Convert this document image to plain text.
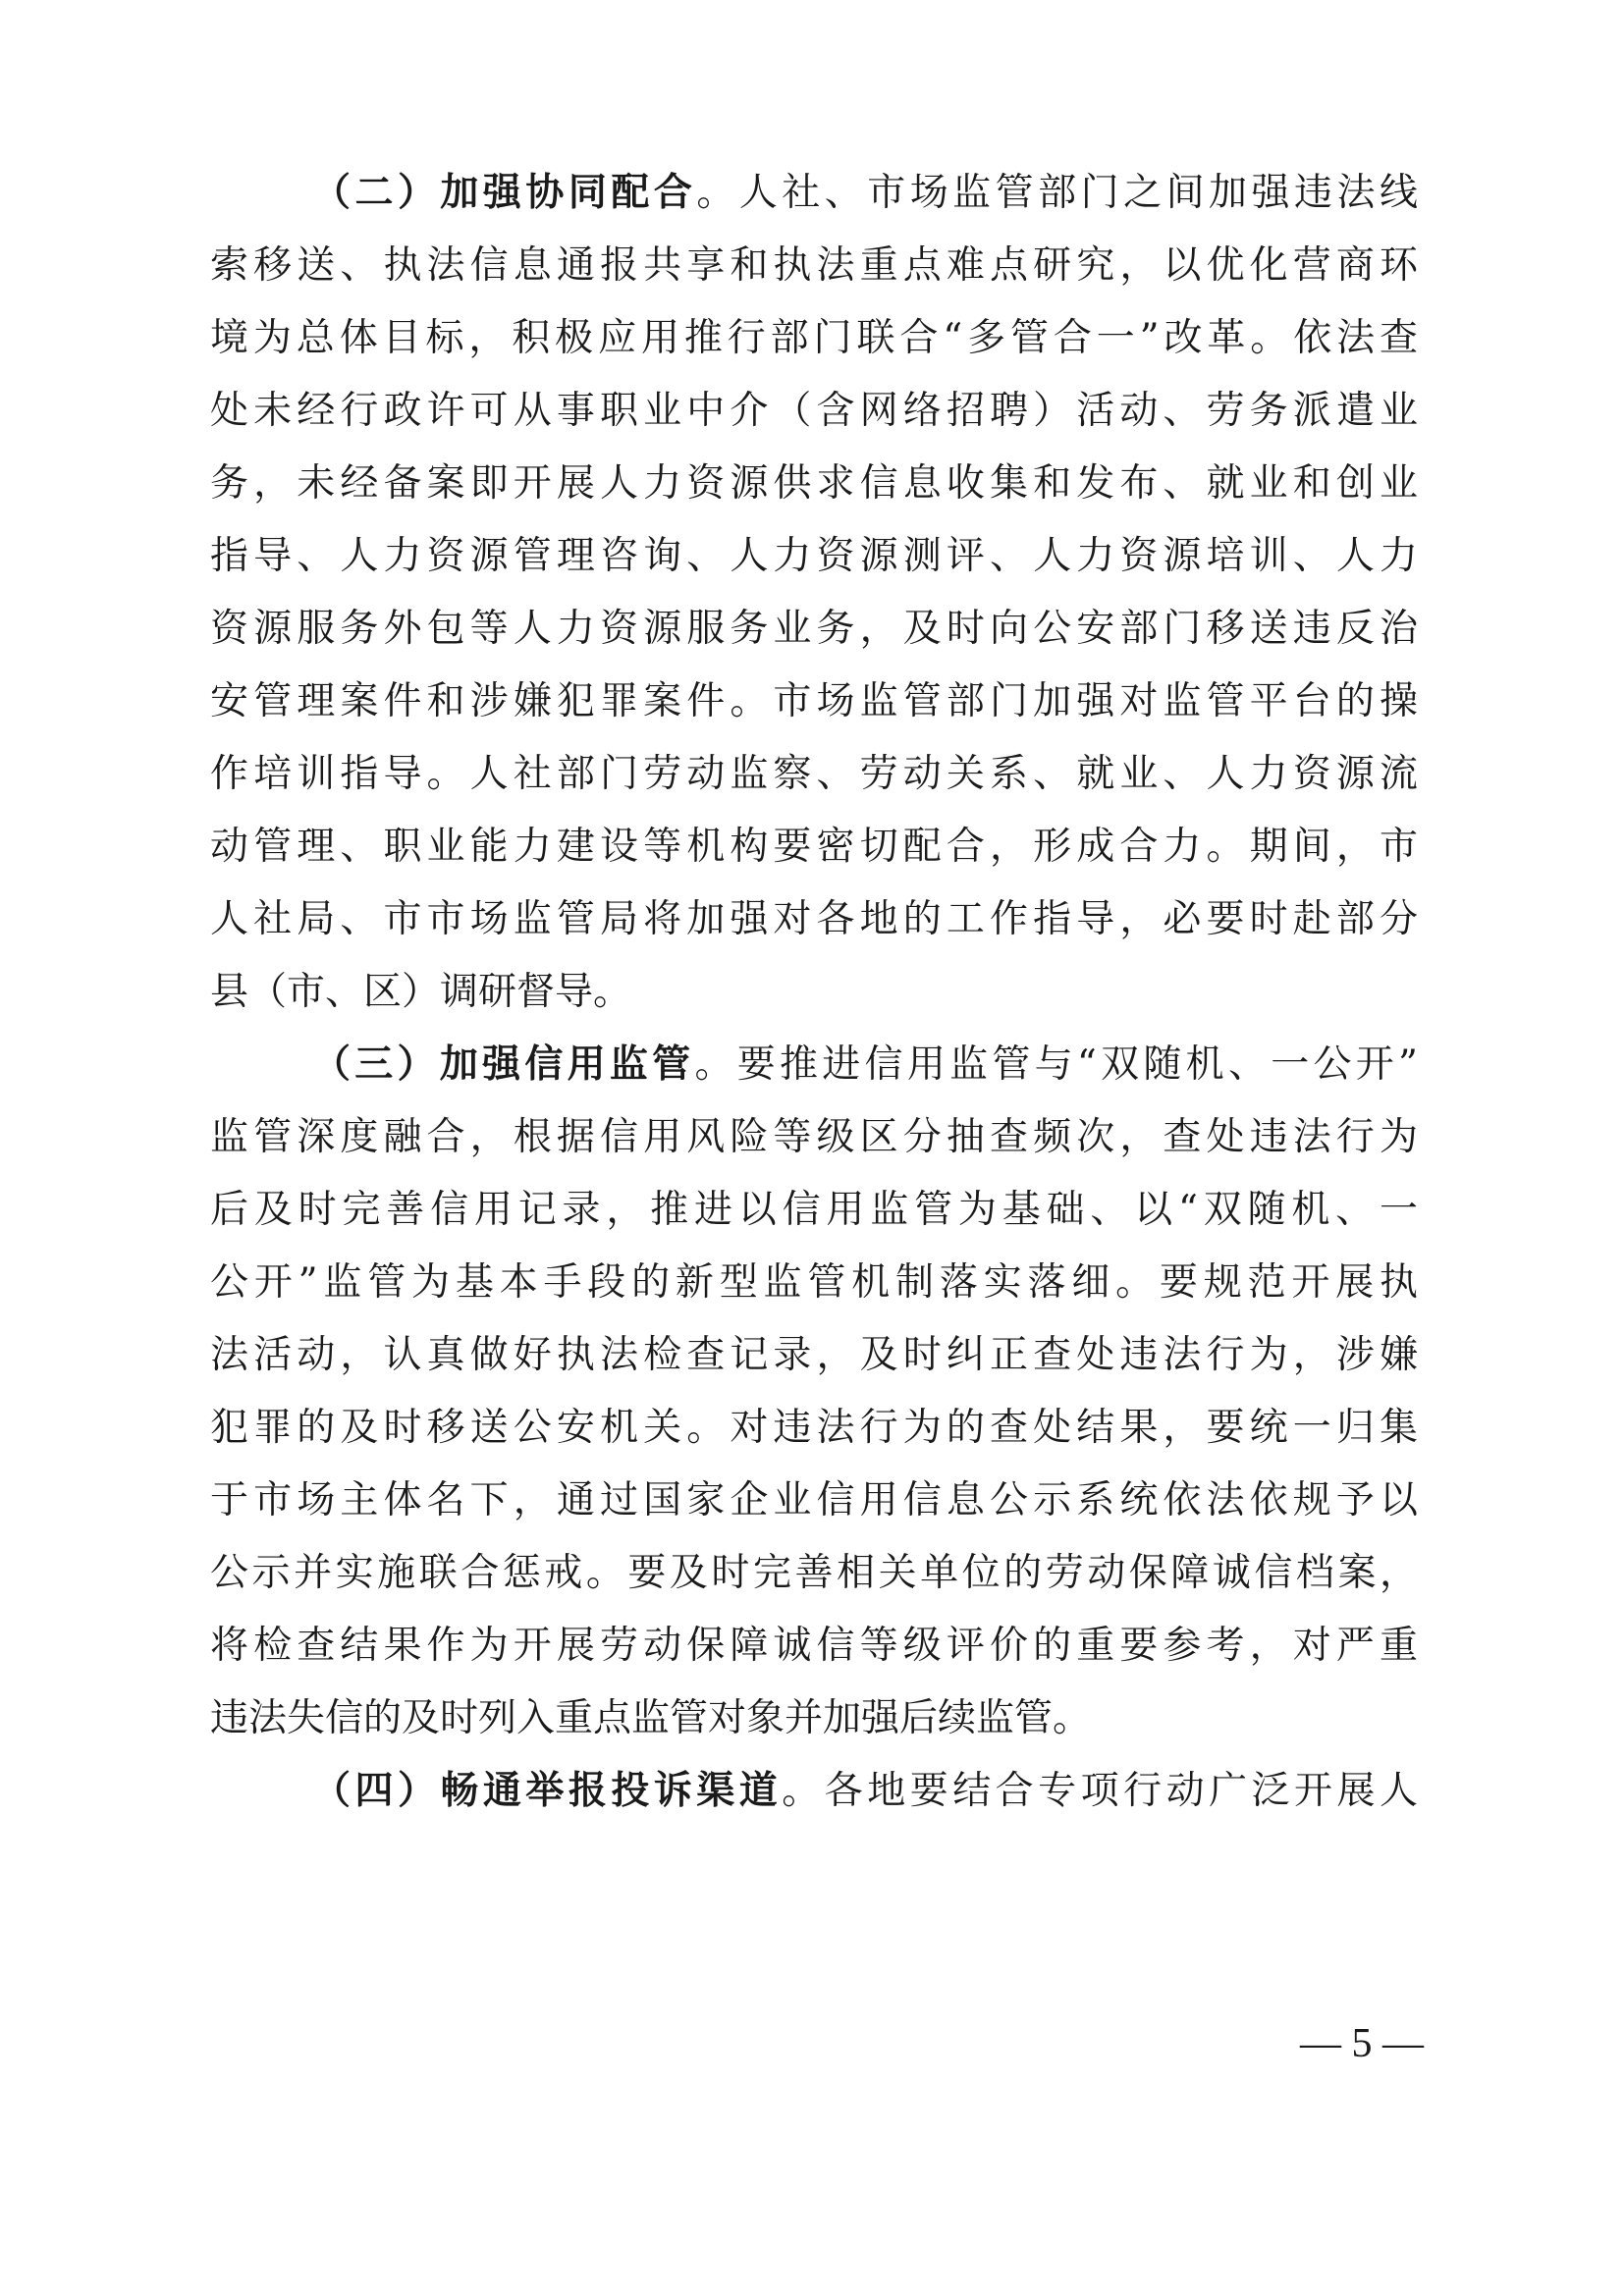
（二）加强协同配合。人社、市场监管部门之间加强违法线
索移送、执法信息通报共享和执法重点难点研究，以优化营商环
境为总体目标，积极应用推行部门联合“多管合一”改革。依法查
处未经行政许可从事职业中介（含网络招聘）活动、劳务派遣业
务，未经备案即开展人力资源供求信息收集和发布、就业和创业
指导、人力资源管理咨询、人力资源测评、人力资源培训、人力
资源服务外包等人力资源服务业务，及时向公安部门移送违反治
安管理案件和涉嫌犯罪案件。市场监管部门加强对监管平台的操
作培训指导。人社部门劳动监察、劳动关系、就业、人力资源流
动管理、职业能力建设等机构要密切配合，形成合力。期间，市
人社局、市市场监管局将加强对各地的工作指导，必要时赴部分
县（市、区）调研督导。
（三）加强信用监管。要推进信用监管与“双随机、一公开”
监管深度融合，根据信用风险等级区分抽查频次，查处违法行为
后及时完善信用记录，推进以信用监管为基础、以“双随机、一
公开”监管为基本手段的新型监管机制落实落细。要规范开展执
法活动，认真做好执法检查记录，及时纠正查处违法行为，涉嫌
犯罪的及时移送公安机关。对违法行为的查处结果，要统一归集
于市场主体名下，通过国家企业信用信息公示系统依法依规予以
公示并实施联合惩戒。要及时完善相关单位的劳动保障诚信档案，
将检查结果作为开展劳动保障诚信等级评价的重要参考，对严重
违法失信的及时列入重点监管对象并加强后续监管。
（四）畅通举报投诉渠道。各地要结合专项行动广泛开展人
— 5 —
